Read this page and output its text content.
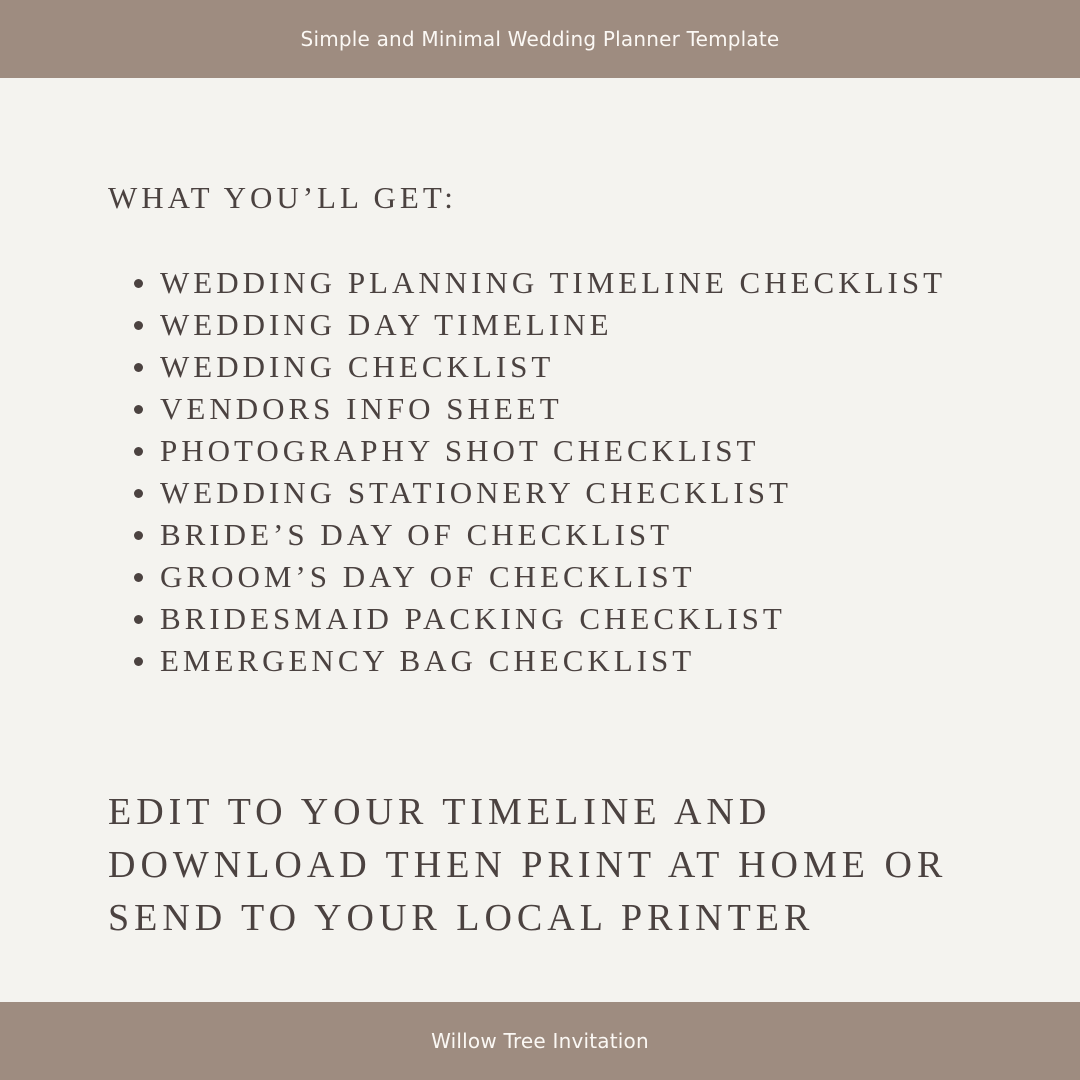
Simple and Minimal Wedding Planner Template
WHAT YOU’LL GET:
WEDDING PLANNING TIMELINE CHECKLIST
WEDDING DAY TIMELINE
WEDDING CHECKLIST
VENDORS INFO SHEET
PHOTOGRAPHY SHOT CHECKLIST
WEDDING STATIONERY CHECKLIST
BRIDE’S DAY OF CHECKLIST
GROOM’S DAY OF CHECKLIST
BRIDESMAID PACKING CHECKLIST
EMERGENCY BAG CHECKLIST

EDIT TO YOUR TIMELINE AND
DOWNLOAD THEN PRINT AT HOME OR
SEND TO YOUR LOCAL PRINTER

Willow Tree Invitation
